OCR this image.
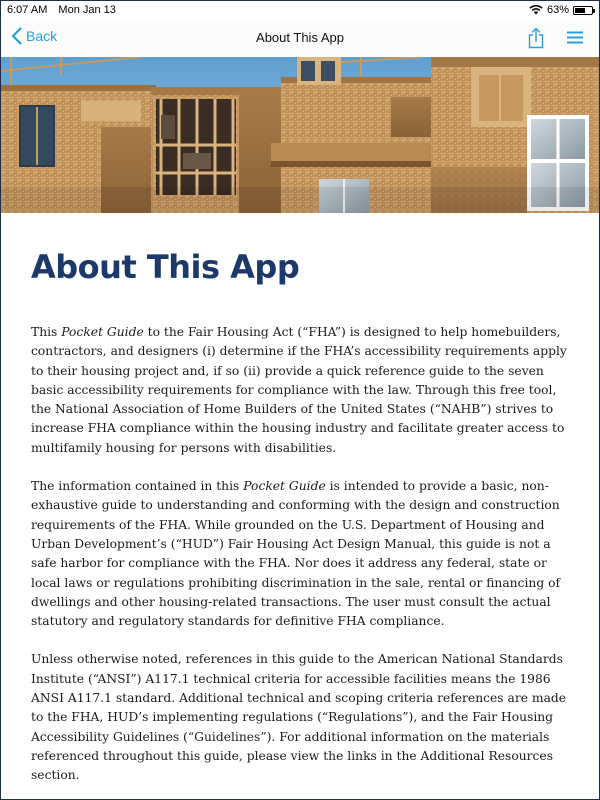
6:07 AM Mon Jan 13	63%
Back	About This App
About This App

This Pocket Guide to the Fair Housing Act (“FHA”) is designed to help homebuilders, contractors, and designers (i) determine if the FHA’s accessibility requirements apply to their housing project and, if so (ii) provide a quick reference guide to the seven basic accessibility requirements for compliance with the law. Through this free tool, the National Association of Home Builders of the United States (“NAHB”) strives to increase FHA compliance within the housing industry and facilitate greater access to multifamily housing for persons with disabilities.

The information contained in this Pocket Guide is intended to provide a basic, non-exhaustive guide to understanding and conforming with the design and construction requirements of the FHA. While grounded on the U.S. Department of Housing and Urban Development’s (“HUD”) Fair Housing Act Design Manual, this guide is not a safe harbor for compliance with the FHA. Nor does it address any federal, state or local laws or regulations prohibiting discrimination in the sale, rental or financing of dwellings and other housing-related transactions. The user must consult the actual statutory and regulatory standards for definitive FHA compliance.

Unless otherwise noted, references in this guide to the American National Standards Institute (“ANSI”) A117.1 technical criteria for accessible facilities means the 1986 ANSI A117.1 standard. Additional technical and scoping criteria references are made to the FHA, HUD’s implementing regulations (“Regulations”), and the Fair Housing Accessibility Guidelines (“Guidelines”). For additional information on the materials referenced throughout this guide, please view the links in the Additional Resources section.
